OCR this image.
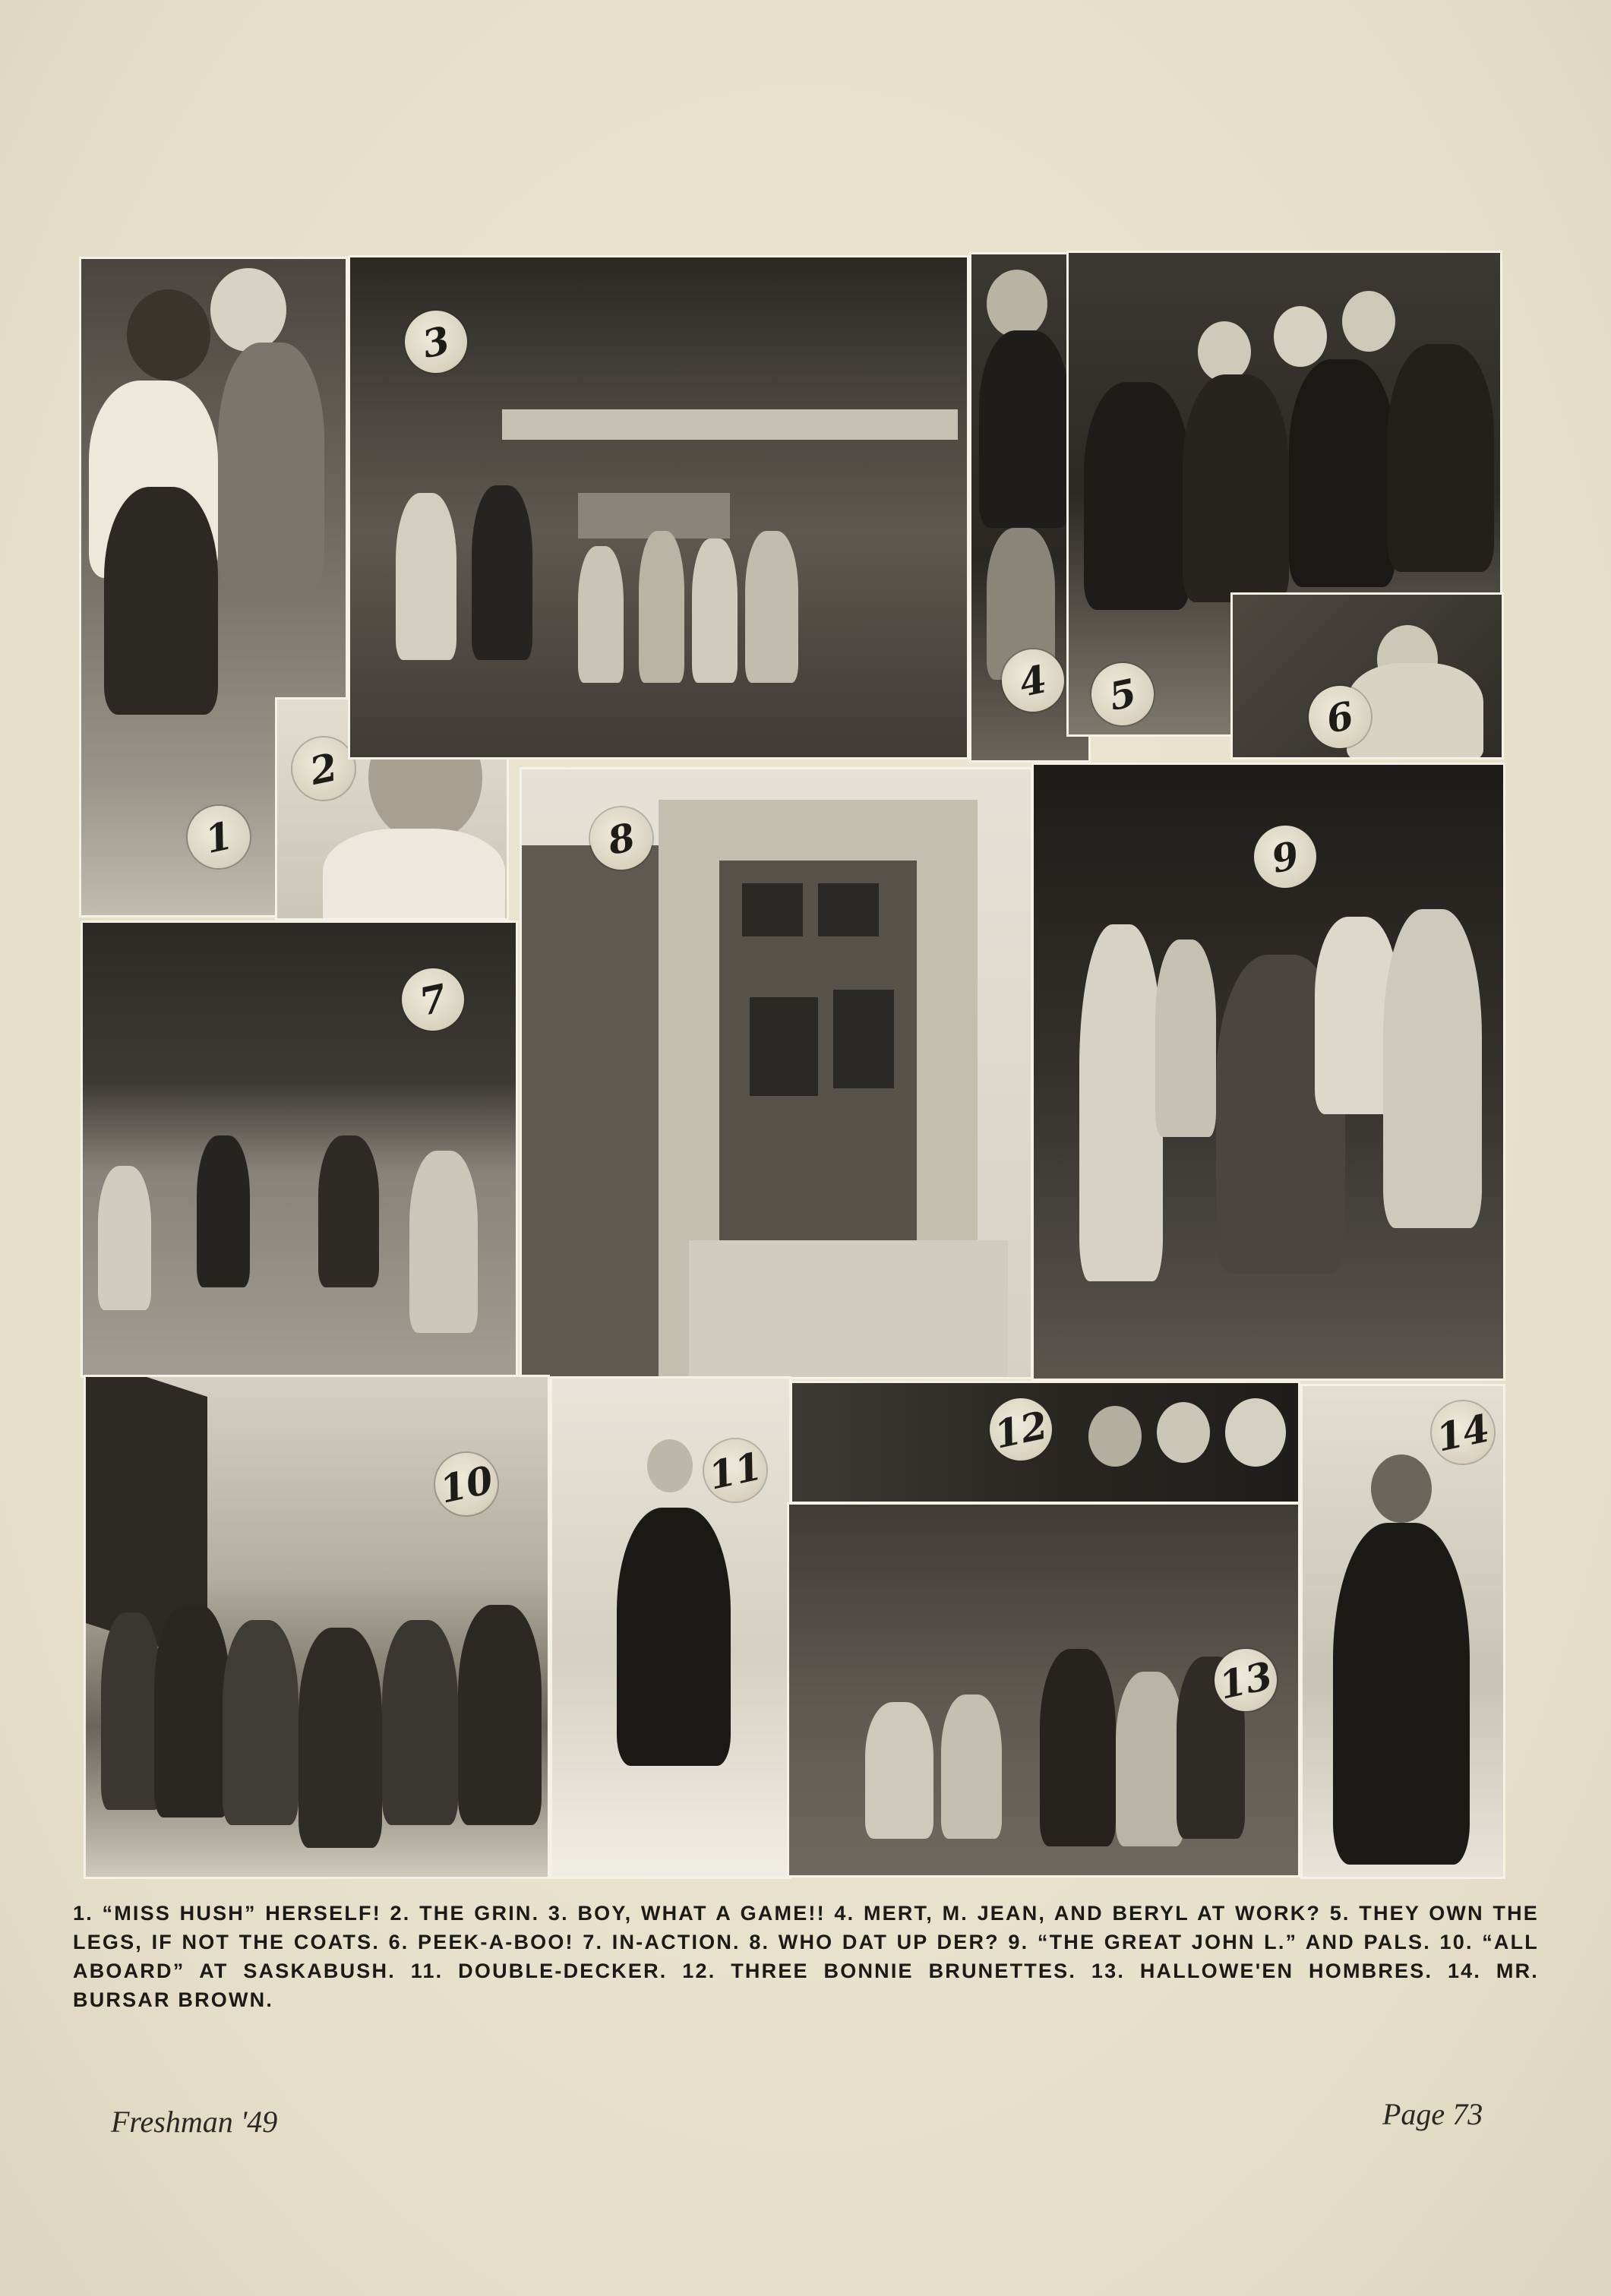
1
2
3
4	5	6
7
8	9
10	11
12
13
14
1. “MISS HUSH” HERSELF! 2. THE GRIN. 3. BOY, WHAT A GAME!! 4. MERT, M. JEAN, AND BERYL AT WORK? 5. THEY OWN THE LEGS, IF NOT THE COATS. 6. PEEK-A-BOO! 7. IN-ACTION. 8. WHO DAT UP DER? 9. “THE GREAT JOHN L.” AND PALS. 10. “ALL ABOARD” AT SASKABUSH. 11. DOUBLE-DECKER. 12. THREE BONNIE BRUNETTES. 13. HALLOWE'EN HOMBRES. 14. MR. BURSAR BROWN.
Freshman '49	Page 73
